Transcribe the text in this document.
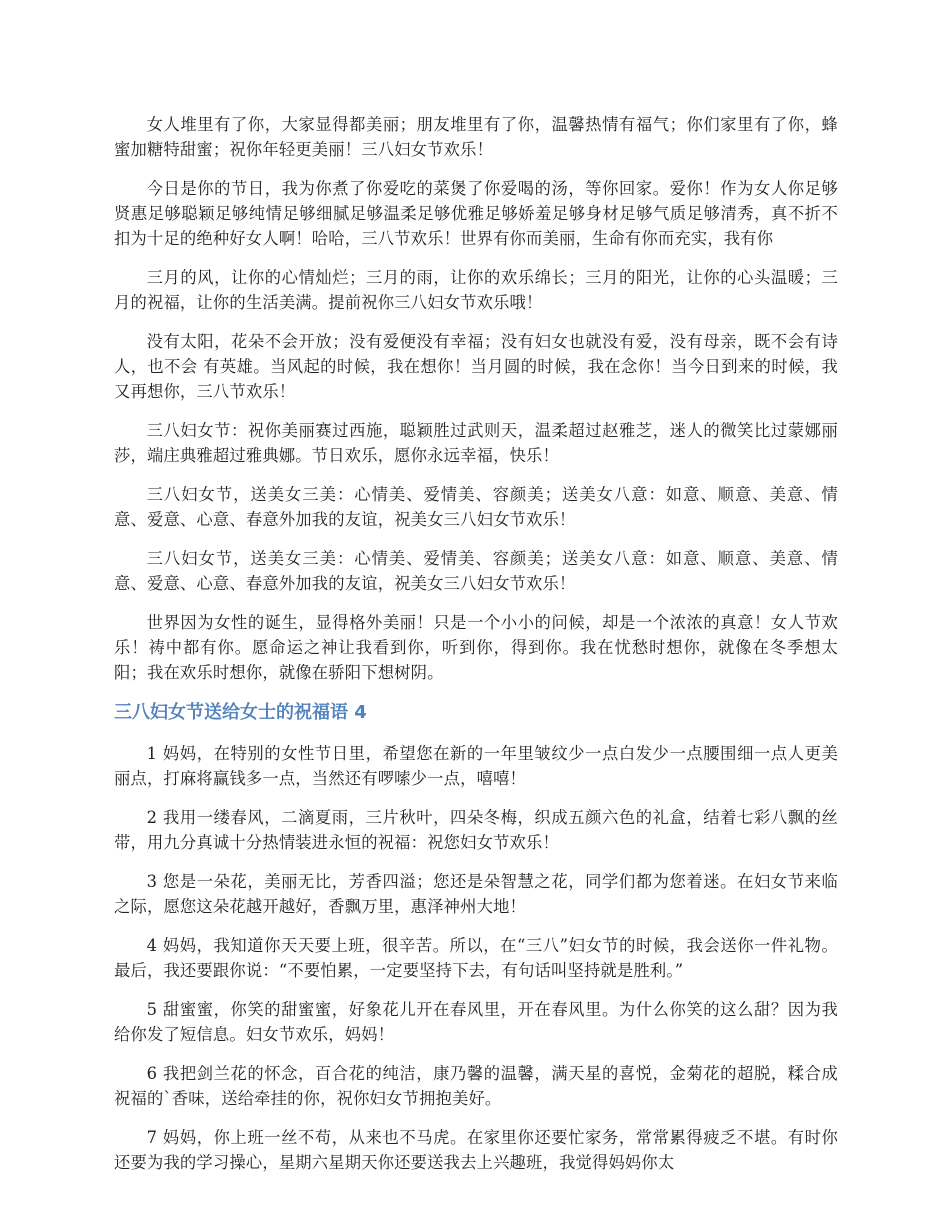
女人堆里有了你，大家显得都美丽；朋友堆里有了你，温馨热情有福气；你们家里有了你，蜂蜜加糖特甜蜜；祝你年轻更美丽！三八妇女节欢乐！

今日是你的节日，我为你煮了你爱吃的菜煲了你爱喝的汤，等你回家。爱你！作为女人你足够贤惠足够聪颖足够纯情足够细腻足够温柔足够优雅足够娇羞足够身材足够气质足够清秀，真不折不扣为十足的绝种好女人啊！哈哈，三八节欢乐！世界有你而美丽，生命有你而充实，我有你

三月的风，让你的心情灿烂；三月的雨，让你的欢乐绵长；三月的阳光，让你的心头温暖；三月的祝福，让你的生活美满。提前祝你三八妇女节欢乐哦！

没有太阳，花朵不会开放；没有爱便没有幸福；没有妇女也就没有爱，没有母亲，既不会有诗人，也不会 有英雄。当风起的时候，我在想你！当月圆的时候，我在念你！当今日到来的时候，我又再想你，三八节欢乐！

三八妇女节：祝你美丽赛过西施，聪颖胜过武则天，温柔超过赵雅芝，迷人的微笑比过蒙娜丽莎，端庄典雅超过雅典娜。节日欢乐，愿你永远幸福，快乐！

三八妇女节，送美女三美：心情美、爱情美、容颜美；送美女八意：如意、顺意、美意、情意、爱意、心意、春意外加我的友谊，祝美女三八妇女节欢乐！

三八妇女节，送美女三美：心情美、爱情美、容颜美；送美女八意：如意、顺意、美意、情意、爱意、心意、春意外加我的友谊，祝美女三八妇女节欢乐！

世界因为女性的诞生，显得格外美丽！只是一个小小的问候，却是一个浓浓的真意！女人节欢乐！祷中都有你。愿命运之神让我看到你，听到你，得到你。我在忧愁时想你，就像在冬季想太阳；我在欢乐时想你，就像在骄阳下想树阴。

三八妇女节送给女士的祝福语 4

1 妈妈，在特别的女性节日里，希望您在新的一年里皱纹少一点白发少一点腰围细一点人更美丽点，打麻将赢钱多一点，当然还有啰嗦少一点，嘻嘻！

2 我用一缕春风，二滴夏雨，三片秋叶，四朵冬梅，织成五颜六色的礼盒，结着七彩八飘的丝带，用九分真诚十分热情装进永恒的祝福：祝您妇女节欢乐！

3 您是一朵花，美丽无比，芳香四溢；您还是朵智慧之花，同学们都为您着迷。在妇女节来临之际，愿您这朵花越开越好，香飘万里，惠泽神州大地！

4 妈妈，我知道你天天要上班，很辛苦。所以，在“三八”妇女节的时候，我会送你一件礼物。最后，我还要跟你说：“不要怕累，一定要坚持下去，有句话叫坚持就是胜利。”

5 甜蜜蜜，你笑的甜蜜蜜，好象花儿开在春风里，开在春风里。为什么你笑的这么甜？因为我给你发了短信息。妇女节欢乐，妈妈！

6 我把剑兰花的怀念，百合花的纯洁，康乃馨的温馨，满天星的喜悦，金菊花的超脱，糅合成祝福的`香味，送给牵挂的你，祝你妇女节拥抱美好。

7 妈妈，你上班一丝不苟，从来也不马虎。在家里你还要忙家务，常常累得疲乏不堪。有时你还要为我的学习操心，星期六星期天你还要送我去上兴趣班，我觉得妈妈你太
